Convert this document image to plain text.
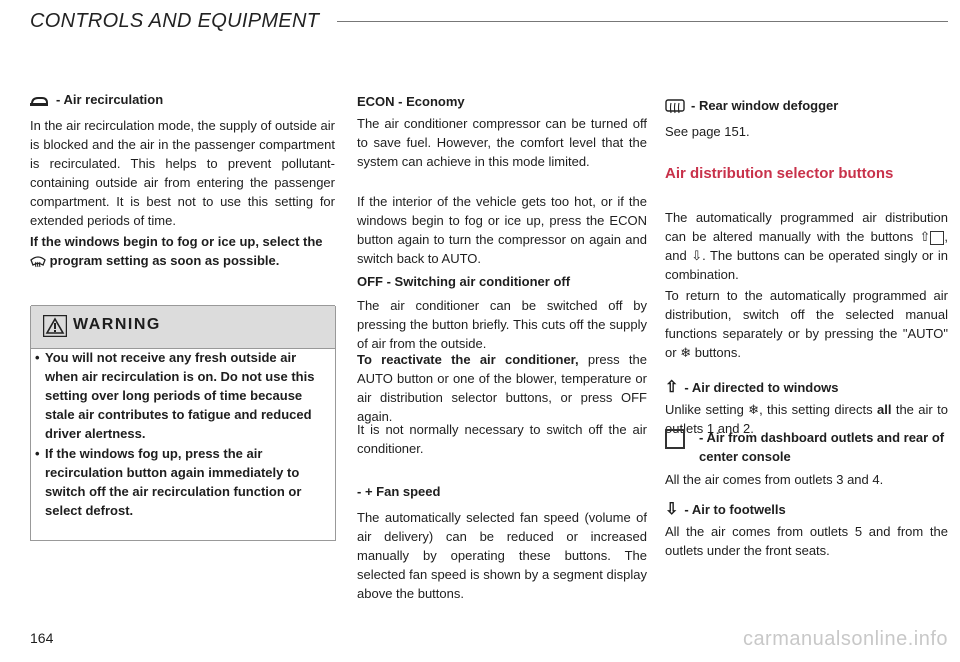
CONTROLS AND EQUIPMENT
- Air recirculation

In the air recirculation mode, the supply of outside air is blocked and the air in the passenger compartment is recirculated. This helps to prevent pollutant-containing outside air from entering the passenger compartment. It is best not to use this setting for extended periods of time.

If the windows begin to fog or ice up, select the  program setting as soon as possible.
WARNING
• You will not receive any fresh outside air when air recirculation is on. Do not use this setting over long periods of time because stale air contributes to fatigue and reduced driver alertness.
• If the windows fog up, press the air recirculation button again immediately to switch off the air recirculation function or select defrost.
164
ECON - Economy

The air conditioner compressor can be turned off to save fuel. However, the comfort level that the system can achieve in this mode limited.

If the interior of the vehicle gets too hot, or if the windows begin to fog or ice up, press the ECON button again to turn the compressor on again and switch back to AUTO.

OFF - Switching air conditioner off

The air conditioner can be switched off by pressing the button briefly. This cuts off the supply of air from the outside.

To reactivate the air conditioner, press the AUTO button or one of the blower, temperature or air distribution selector buttons, or press OFF again.

It is not normally necessary to switch off the air conditioner.

- + Fan speed

The automatically selected fan speed (volume of air delivery) can be reduced or increased manually by operating these buttons. The selected fan speed is shown by a segment display above the buttons.

- Rear window defogger

See page 151.

Air distribution selector buttons

The automatically programmed air distribution can be altered manually with the buttons ⇧ , and ⇩. The buttons can be operated singly or in combination.

To return to the automatically programmed air distribution, switch off the selected manual functions separately or by pressing the "AUTO" or ❄ buttons.

⇧ - Air directed to windows

Unlike setting ❄, this setting directs all the air to outlets 1 and 2.

- Air from dashboard outlets and rear of center console

All the air comes from outlets 3 and 4.

⇩ - Air to footwells

All the air comes from outlets 5 and from the outlets under the front seats.

carmanualsonline.info
